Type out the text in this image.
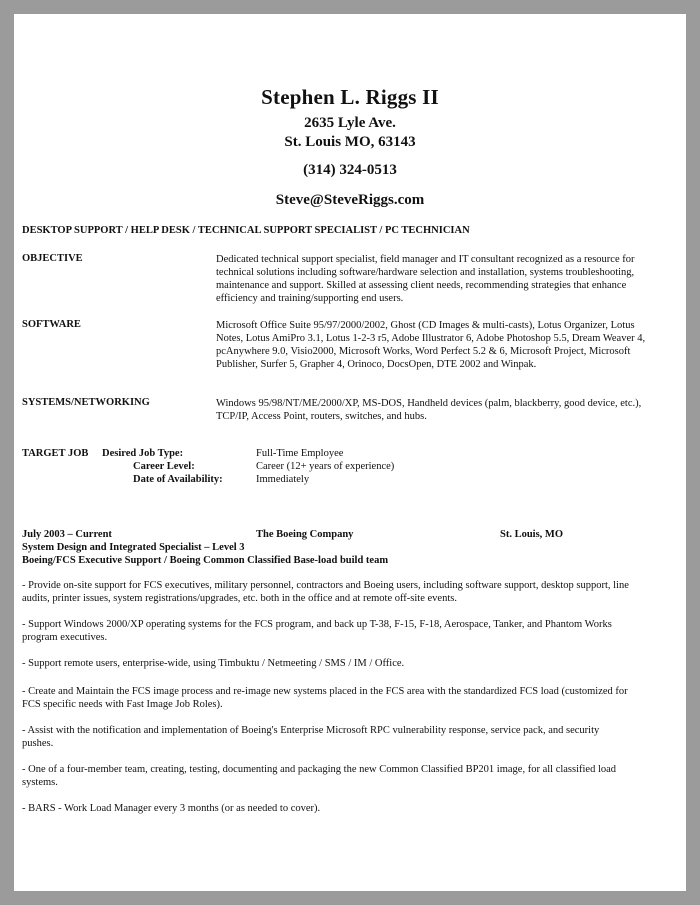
Stephen L. Riggs II
2635 Lyle Ave.
St. Louis MO, 63143
(314) 324-0513
Steve@SteveRiggs.com
DESKTOP SUPPORT / HELP DESK / TECHNICAL SUPPORT SPECIALIST / PC TECHNICIAN
OBJECTIVE	Dedicated technical support specialist, field manager and IT consultant recognized as a resource for technical solutions including software/hardware selection and installation, systems troubleshooting, maintenance and support. Skilled at assessing client needs, recommending strategies that enhance efficiency and training/supporting end users.
SOFTWARE	Microsoft Office Suite 95/97/2000/2002, Ghost (CD Images & multi-casts), Lotus Organizer, Lotus Notes, Lotus AmiPro 3.1, Lotus 1-2-3 r5, Adobe Illustrator 6, Adobe Photoshop 5.5, Dream Weaver 4, pcAnywhere 9.0, Visio2000, Microsoft Works, Word Perfect 5.2 & 6, Microsoft Project, Microsoft Publisher, Surfer 5, Grapher 4, Orinoco, DocsOpen, DTE 2002 and Winpak.
SYSTEMS/NETWORKING	Windows 95/98/NT/ME/2000/XP, MS-DOS, Handheld devices (palm, blackberry, good device, etc.), TCP/IP, Access Point, routers, switches, and hubs.
TARGET JOB Desired Job Type:	Full-Time Employee
Career Level:	Career (12+ years of experience)
Date of Availability:	Immediately
July 2003 – Current	The Boeing Company	St. Louis, MO
System Design and Integrated Specialist – Level 3
Boeing/FCS Executive Support / Boeing Common Classified Base-load build team
- Provide on-site support for FCS executives, military personnel, contractors and Boeing users, including software support, desktop support, line audits, printer issues, system registrations/upgrades, etc. both in the office and at remote off-site events.
- Support Windows 2000/XP operating systems for the FCS program, and back up T-38, F-15, F-18, Aerospace, Tanker, and Phantom Works program executives.
- Support remote users, enterprise-wide, using Timbuktu / Netmeeting / SMS / IM / Office.
- Create and Maintain the FCS image process and re-image new systems placed in the FCS area with the standardized FCS load (customized for FCS specific needs with Fast Image Job Roles).
- Assist with the notification and implementation of Boeing's Enterprise Microsoft RPC vulnerability response, service pack, and security pushes.
- One of a four-member team, creating, testing, documenting and packaging the new Common Classified BP201 image, for all classified load systems.
- BARS - Work Load Manager every 3 months (or as needed to cover).
